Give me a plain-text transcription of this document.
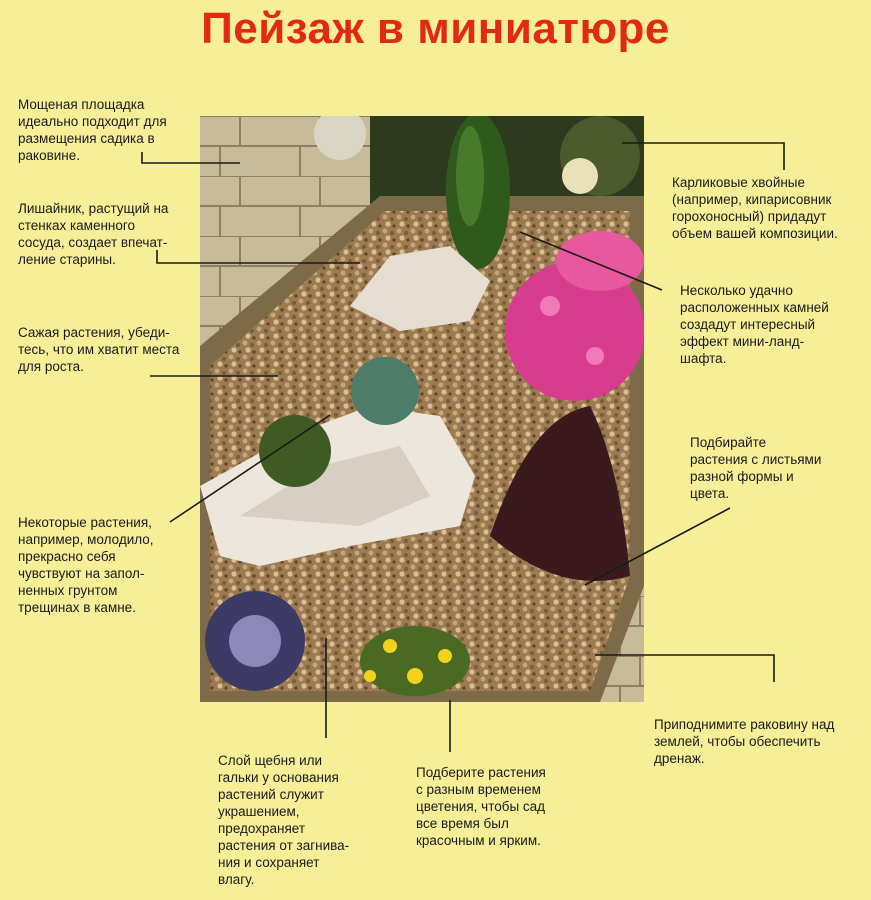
Пейзаж в миниатюре
Мощеная площадка
идеально подходит для
размещения садика в
раковине.
Лишайник, растущий на
стенках каменного
сосуда, создает впечат-
ление старины.
Сажая растения, убеди-
тесь, что им хватит места
для роста.
Некоторые растения,
например, молодило,
прекрасно себя
чувствуют на запол-
ненных грунтом
трещинах в камне.
Слой щебня или
гальки у основания
растений служит
украшением,
предохраняет
растения от загнива-
ния и сохраняет
влагу.
Подберите растения
с разным временем
цветения, чтобы сад
все время был
красочным и ярким.
Карликовые хвойные
(например, кипарисовник
горохоносный) придадут
объем вашей композиции.
Несколько удачно
расположенных камней
создадут интересный
эффект мини-ланд-
шафта.
Подбирайте
растения с листьями
разной формы и
цвета.
Приподнимите раковину над
землей, чтобы обеспечить
дренаж.
